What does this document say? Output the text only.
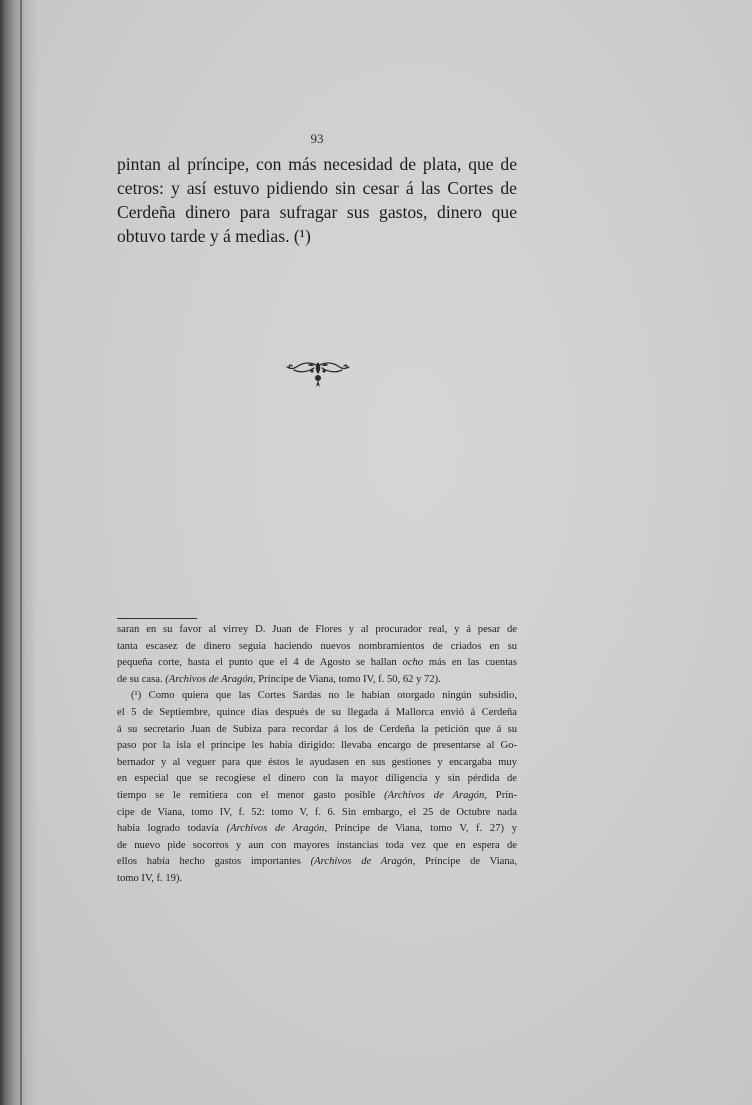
93
pintan al príncipe, con más necesidad de plata, que de
cetros: y así estuvo pidiendo sin cesar á las Cortes de
Cerdeña dinero para sufragar sus gastos, dinero que
obtuvo tarde y á medias. (¹)
saran en su favor al virrey D. Juan de Flores y al procurador real, y á pesar de
tanta escasez de dinero seguía haciendo nuevos nombramientos de criados en su
pequeña corte, hasta el punto que el 4 de Agosto se hallan ocho más en las cuentas
de su casa. (Archivos de Aragón, Príncipe de Viana, tomo IV, f. 50, 62 y 72).
(¹) Como quiera que las Cortes Sardas no le habían otorgado ningún subsidio,
el 5 de Septiembre, quince días después de su llegada á Mallorca envió á Cerdeña
á su secretario Juan de Subiza para recordar á los de Cerdeña la petición que á su
paso por la isla el príncipe les había dirigido: llevaba encargo de presentarse al Go-
bernador y al veguer para que éstos le ayudasen en sus gestiones y encargaba muy
en especial que se recogiese el dinero con la mayor diligencia y sin pérdida de
tiempo se le remitiera con el menor gasto posible (Archivos de Aragón, Prín-
cipe de Viana, tomo IV, f. 52: tomo V, f. 6. Sin embargo, el 25 de Octubre nada
había logrado todavía (Archivos de Aragón, Príncipe de Viana, tomo V, f. 27) y
de nuevo pide socorros y aun con mayores instancias toda vez que en espera de
ellos había hecho gastos importantes (Archivos de Aragón, Príncipe de Viana,
tomo IV, f. 19).
